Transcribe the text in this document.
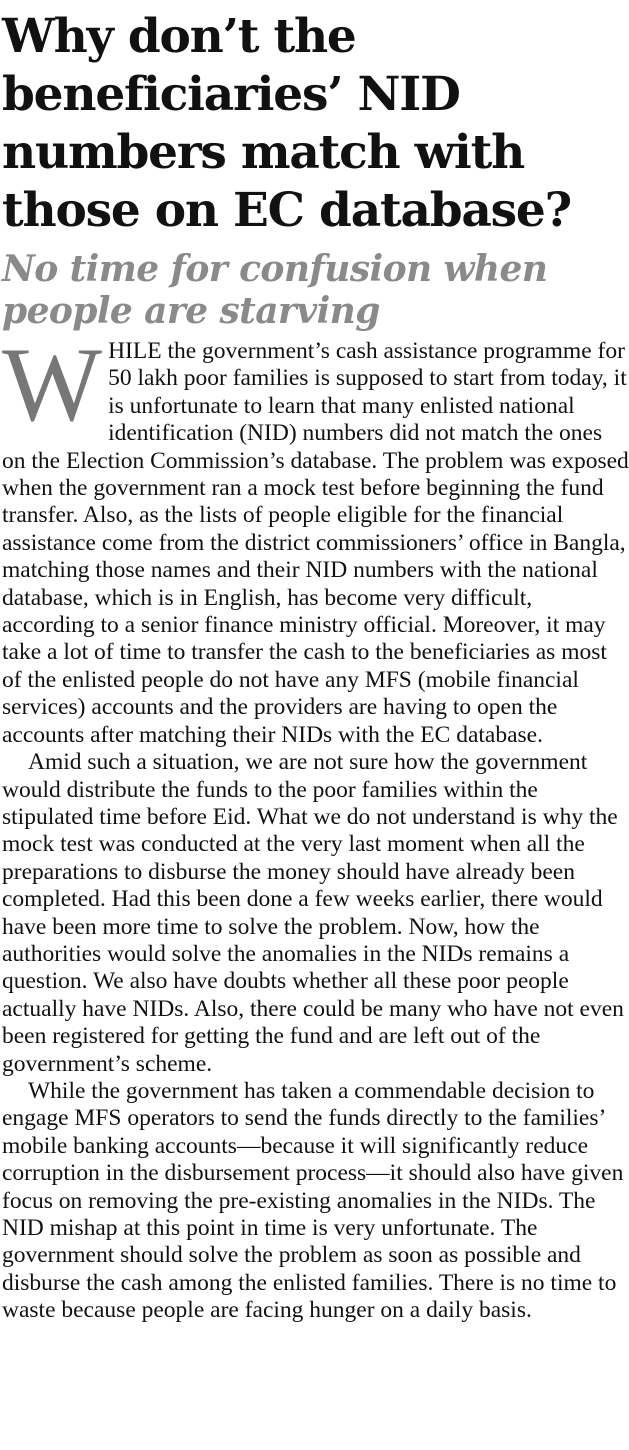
Why don’t the beneficiaries’ NID numbers match with those on EC database?
No time for confusion when people are starving

WHILE the government’s cash assistance programme for 50 lakh poor families is supposed to start from today, it is unfortunate to learn that many enlisted national identification (NID) numbers did not match the ones on the Election Commission’s database. The problem was exposed when the government ran a mock test before beginning the fund transfer. Also, as the lists of people eligible for the financial assistance come from the district commissioners’ office in Bangla, matching those names and their NID numbers with the national database, which is in English, has become very difficult, according to a senior finance ministry official. Moreover, it may take a lot of time to transfer the cash to the beneficiaries as most of the enlisted people do not have any MFS (mobile financial services) accounts and the providers are having to open the accounts after matching their NIDs with the EC database.

Amid such a situation, we are not sure how the government would distribute the funds to the poor families within the stipulated time before Eid. What we do not understand is why the mock test was conducted at the very last moment when all the preparations to disburse the money should have already been completed. Had this been done a few weeks earlier, there would have been more time to solve the problem. Now, how the authorities would solve the anomalies in the NIDs remains a question. We also have doubts whether all these poor people actually have NIDs. Also, there could be many who have not even been registered for getting the fund and are left out of the government’s scheme.

While the government has taken a commendable decision to engage MFS operators to send the funds directly to the families’ mobile banking accounts—because it will significantly reduce corruption in the disbursement process—it should also have given focus on removing the pre-existing anomalies in the NIDs. The NID mishap at this point in time is very unfortunate. The government should solve the problem as soon as possible and disburse the cash among the enlisted families. There is no time to waste because people are facing hunger on a daily basis.
